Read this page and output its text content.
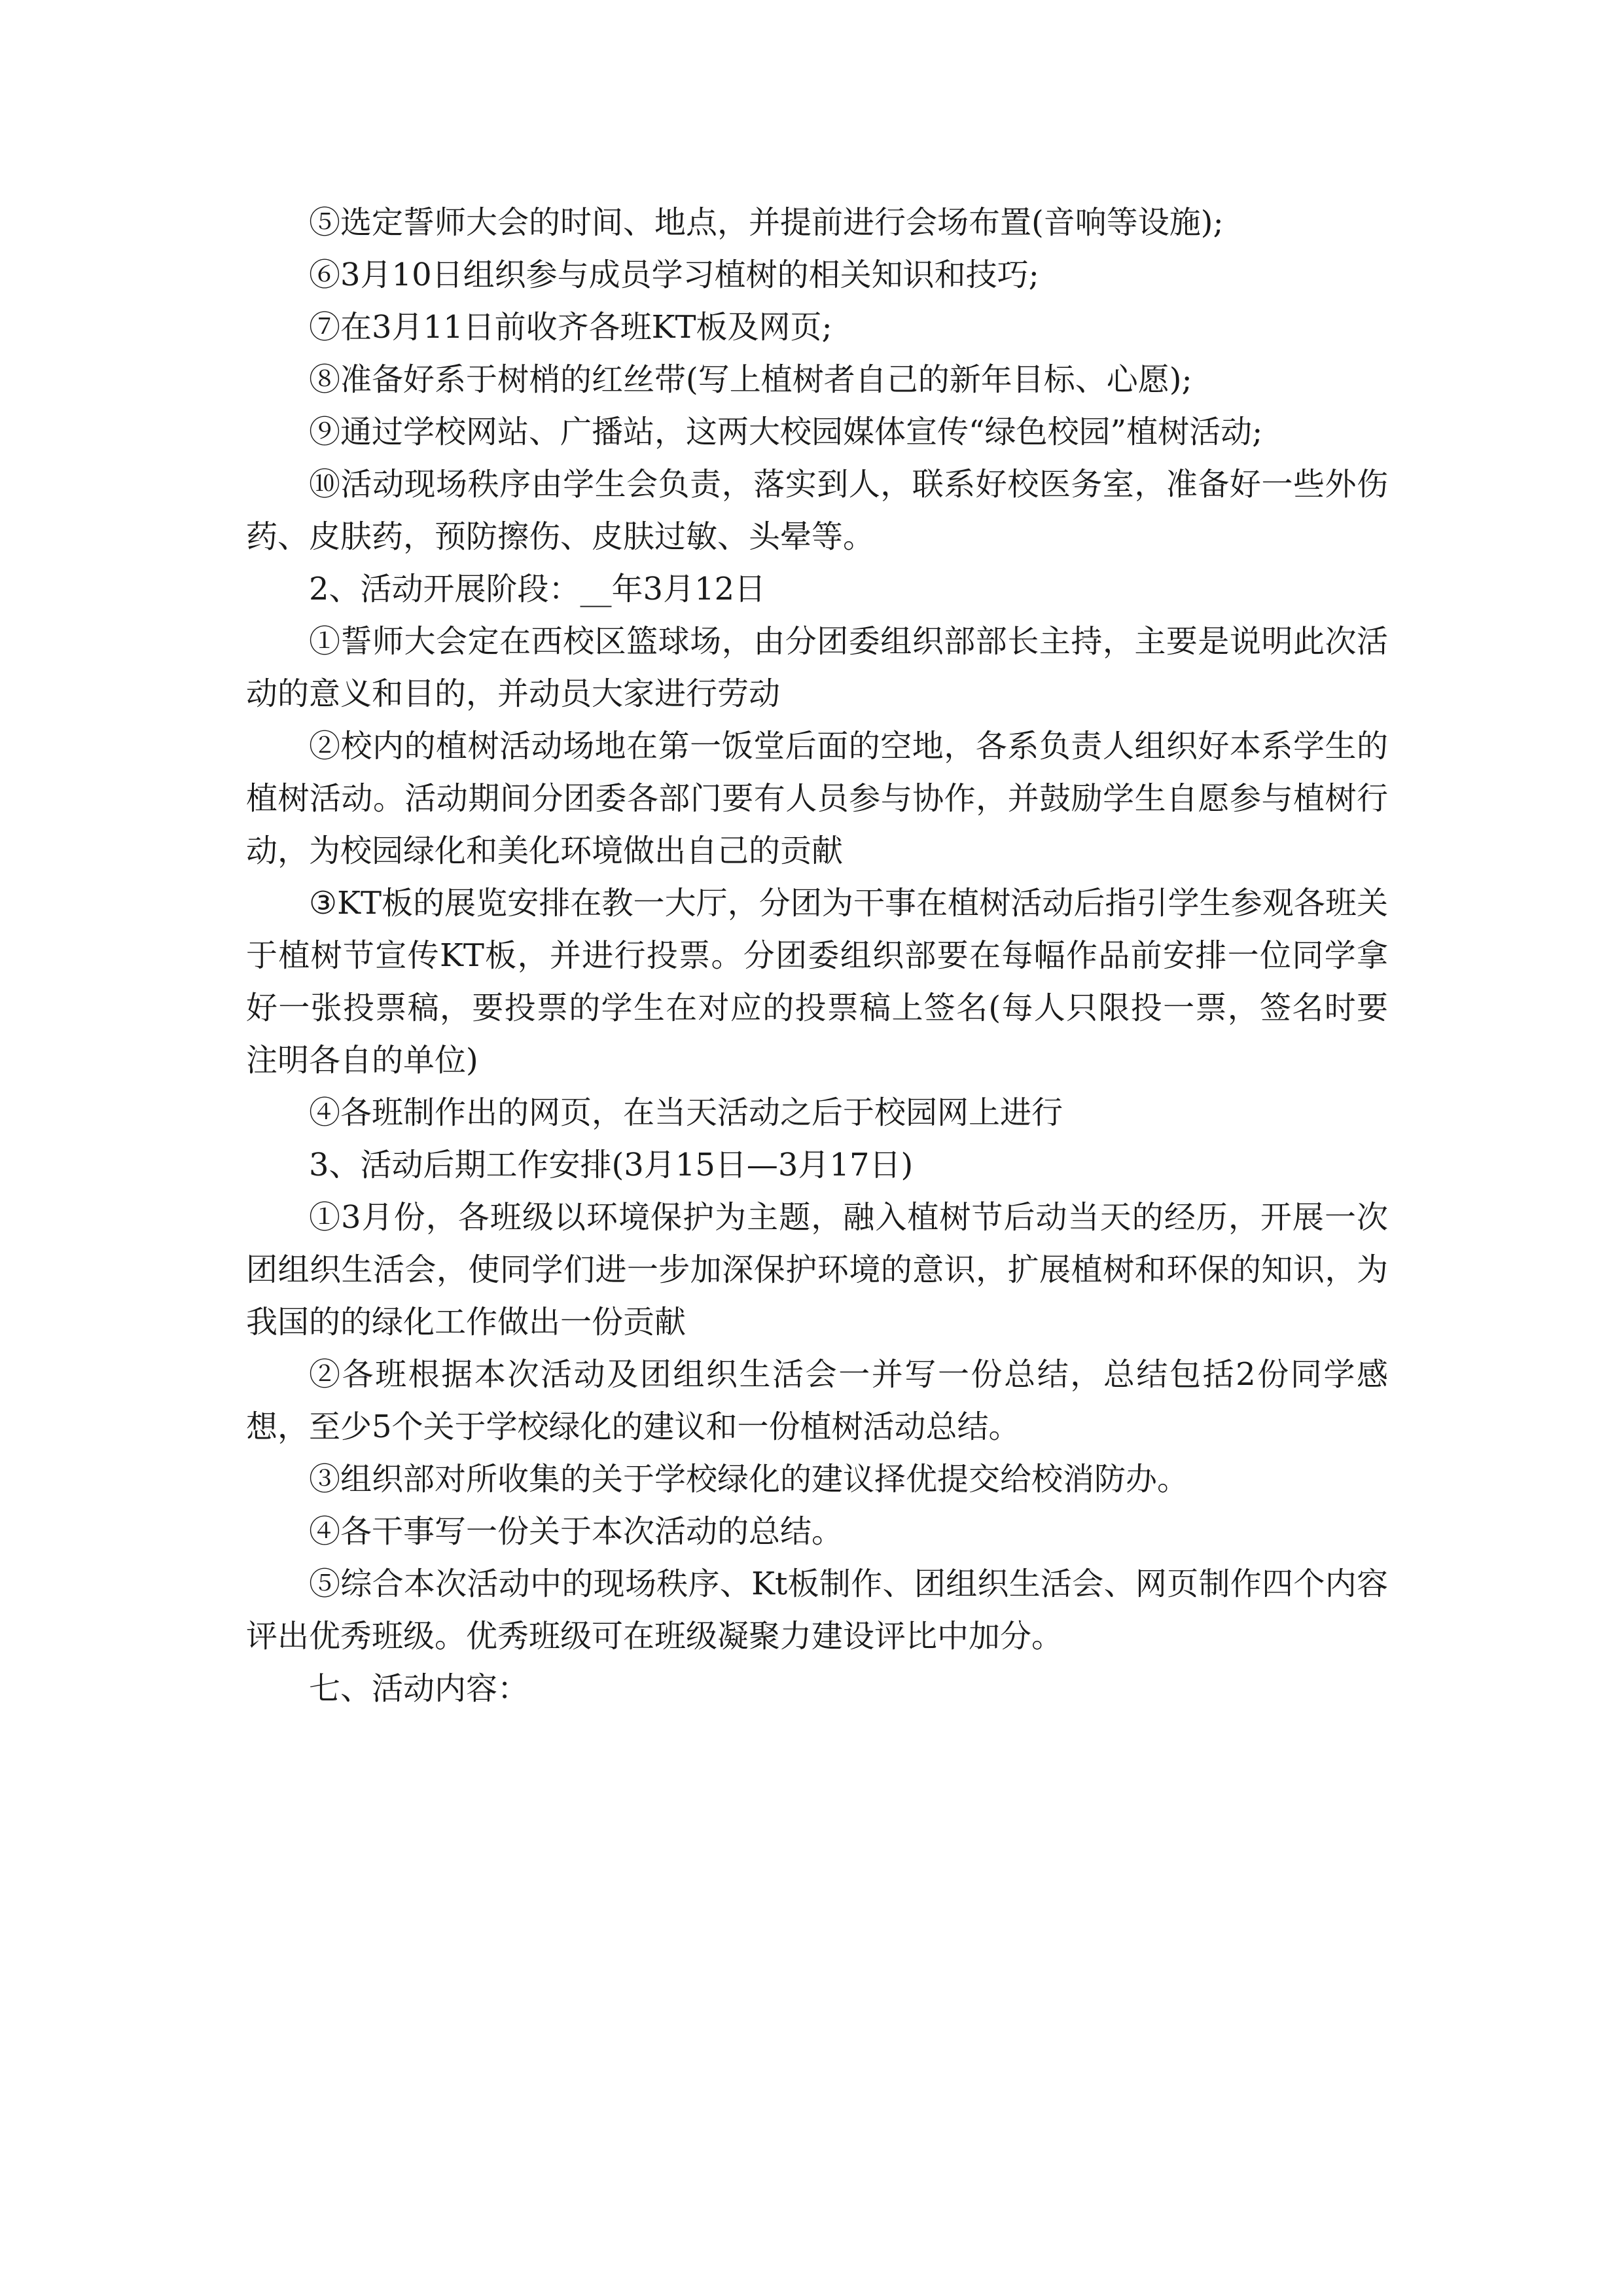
⑤选定誓师大会的时间、地点，并提前进行会场布置(音响等设施);

⑥3月10日组织参与成员学习植树的相关知识和技巧;

⑦在3月11日前收齐各班KT板及网页;

⑧准备好系于树梢的红丝带(写上植树者自己的新年目标、心愿);

⑨通过学校网站、广播站，这两大校园媒体宣传“绿色校园”植树活动;

⑩活动现场秩序由学生会负责，落实到人，联系好校医务室，准备好一些外伤药、皮肤药，预防擦伤、皮肤过敏、头晕等。

2、活动开展阶段：__年3月12日

①誓师大会定在西校区篮球场，由分团委组织部部长主持，主要是说明此次活动的意义和目的，并动员大家进行劳动

②校内的植树活动场地在第一饭堂后面的空地，各系负责人组织好本系学生的植树活动。活动期间分团委各部门要有人员参与协作，并鼓励学生自愿参与植树行动，为校园绿化和美化环境做出自己的贡献

③KT板的展览安排在教一大厅，分团为干事在植树活动后指引学生参观各班关于植树节宣传KT板，并进行投票。分团委组织部要在每幅作品前安排一位同学拿好一张投票稿，要投票的学生在对应的投票稿上签名(每人只限投一票，签名时要注明各自的单位)

④各班制作出的网页，在当天活动之后于校园网上进行

3、活动后期工作安排(3月15日—3月17日)

①3月份，各班级以环境保护为主题，融入植树节后动当天的经历，开展一次团组织生活会，使同学们进一步加深保护环境的意识，扩展植树和环保的知识，为我国的的绿化工作做出一份贡献

②各班根据本次活动及团组织生活会一并写一份总结，总结包括2份同学感想，至少5个关于学校绿化的建议和一份植树活动总结。

③组织部对所收集的关于学校绿化的建议择优提交给校消防办。

④各干事写一份关于本次活动的总结。

⑤综合本次活动中的现场秩序、Kt板制作、团组织生活会、网页制作四个内容评出优秀班级。优秀班级可在班级凝聚力建设评比中加分。

七、活动内容：
